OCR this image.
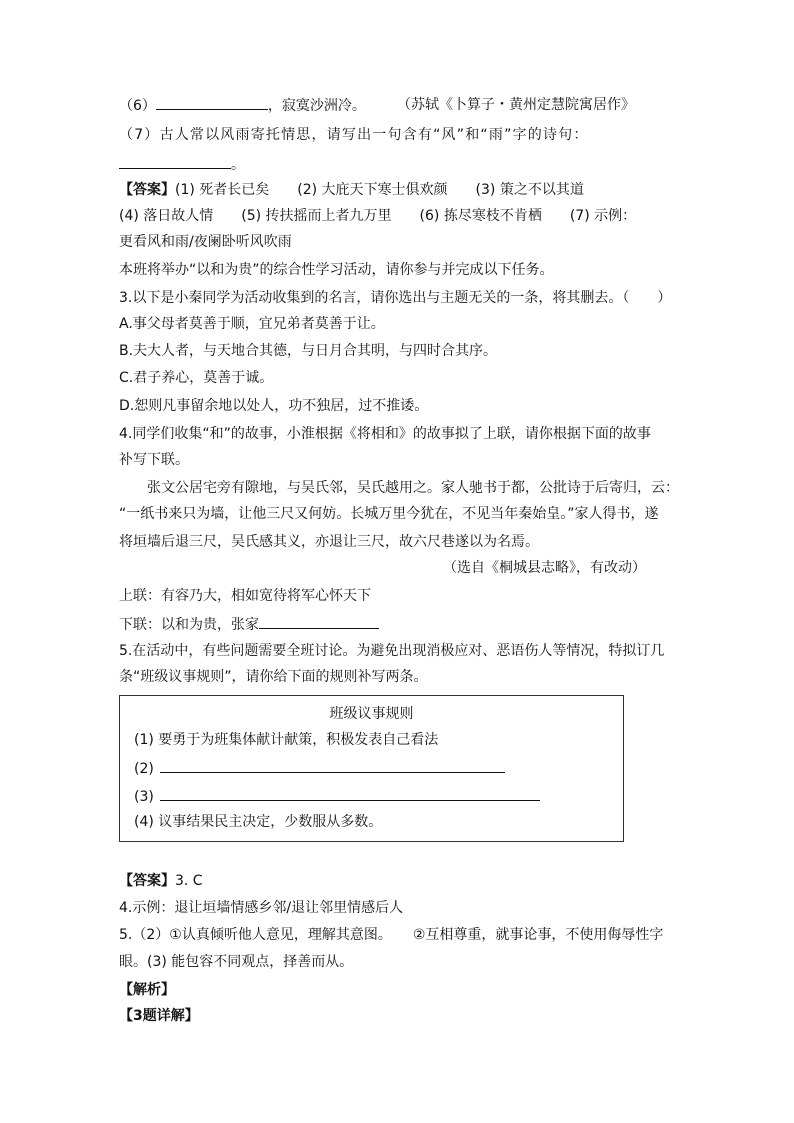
（6）	，寂寞沙洲冷。 （苏轼《卜算子・黄州定慧院寓居作》
（7）古人常以风雨寄托情思，请写出一句含有“风”和“雨”字的诗句：
。
【答案】(1) 死者长已矣　　(2) 大庇天下寒士俱欢颜　　(3) 策之不以其道
(4) 落日故人情　　(5) 抟扶摇而上者九万里　　(6) 拣尽寒枝不肯栖　　(7) 示例：
更看风和雨/夜阑卧听风吹雨
本班将举办“以和为贵”的综合性学习活动，请你参与并完成以下任务。
3.以下是小秦同学为活动收集到的名言，请你选出与主题无关的一条，将其删去。（　　）
A.事父母者莫善于顺，宜兄弟者莫善于让。
B.夫大人者，与天地合其德，与日月合其明，与四时合其序。
C.君子养心，莫善于诚。
D.恕则凡事留余地以处人，功不独居，过不推诿。
4.同学们收集“和”的故事，小淮根据《将相和》的故事拟了上联，请你根据下面的故事
补写下联。
张文公居宅旁有隙地，与吴氏邻，吴氏越用之。家人驰书于都，公批诗于后寄归，云：
“一纸书来只为墙，让他三尺又何妨。长城万里今犹在，不见当年秦始皇。”家人得书，遂
将垣墙后退三尺，吴氏感其义，亦退让三尺，故六尺巷遂以为名焉。
（选自《桐城县志略》，有改动）
上联：有容乃大，相如宽待将军心怀天下
下联：以和为贵，张家
5.在活动中，有些问题需要全班讨论。为避免出现消极应对、恶语伤人等情况，特拟订几
条“班级议事规则”，请你给下面的规则补写两条。
班级议事规则
(1) 要勇于为班集体献计献策，积极发表自己看法
(2)
(3)
(4) 议事结果民主决定，少数服从多数。
【答案】3. C
4.示例：退让垣墙情感乡邻/退让邻里情感后人
5.（2）①认真倾听他人意见，理解其意图。　　②互相尊重，就事论事，不使用侮辱性字
眼。(3) 能包容不同观点，择善而从。
【解析】
【3题详解】
